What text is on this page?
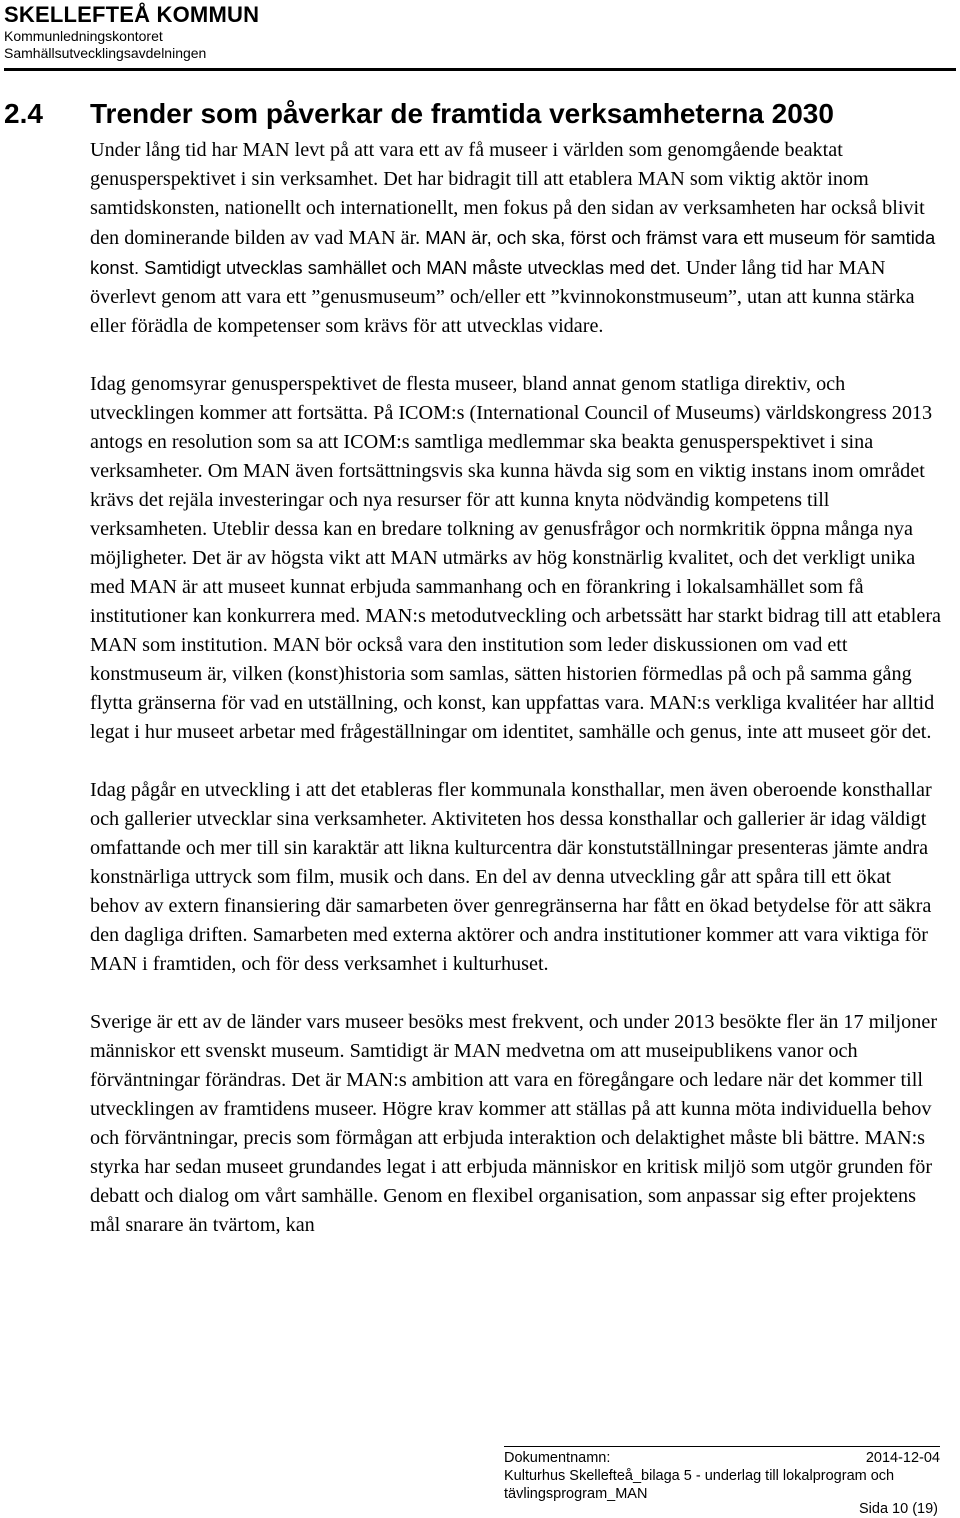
SKELLEFTEÅ KOMMUN
Kommunledningskontoret
Samhällsutvecklingsavdelningen
2.4 Trender som påverkar de framtida verksamheterna 2030

Under lång tid har MAN levt på att vara ett av få museer i världen som genomgående beaktat genusperspektivet i sin verksamhet. Det har bidragit till att etablera MAN som viktig aktör inom samtidskonsten, nationellt och internationellt, men fokus på den sidan av verksamheten har också blivit den dominerande bilden av vad MAN är. MAN är, och ska, först och främst vara ett museum för samtida konst. Samtidigt utvecklas samhället och MAN måste utvecklas med det. Under lång tid har MAN överlevt genom att vara ett ”genusmuseum” och/eller ett ”kvinnokonstmuseum”, utan att kunna stärka eller förädla de kompetenser som krävs för att utvecklas vidare.

Idag genomsyrar genusperspektivet de flesta museer, bland annat genom statliga direktiv, och utvecklingen kommer att fortsätta. På ICOM:s (International Council of Museums) världskongress 2013 antogs en resolution som sa att ICOM:s samtliga medlemmar ska beakta genusperspektivet i sina verksamheter. Om MAN även fortsättningsvis ska kunna hävda sig som en viktig instans inom området krävs det rejäla investeringar och nya resurser för att kunna knyta nödvändig kompetens till verksamheten. Uteblir dessa kan en bredare tolkning av genusfrågor och normkritik öppna många nya möjligheter. Det är av högsta vikt att MAN utmärks av hög konstnärlig kvalitet, och det verkligt unika med MAN är att museet kunnat erbjuda sammanhang och en förankring i lokalsamhället som få institutioner kan konkurrera med. MAN:s metodutveckling och arbetssätt har starkt bidrag till att etablera MAN som institution. MAN bör också vara den institution som leder diskussionen om vad ett konstmuseum är, vilken (konst)historia som samlas, sätten historien förmedlas på och på samma gång flytta gränserna för vad en utställning, och konst, kan uppfattas vara. MAN:s verkliga kvalitéer har alltid legat i hur museet arbetar med frågeställningar om identitet, samhälle och genus, inte att museet gör det.

Idag pågår en utveckling i att det etableras fler kommunala konsthallar, men även oberoende konsthallar och gallerier utvecklar sina verksamheter. Aktiviteten hos dessa konsthallar och gallerier är idag väldigt omfattande och mer till sin karaktär att likna kulturcentra där konstutställningar presenteras jämte andra konstnärliga uttryck som film, musik och dans. En del av denna utveckling går att spåra till ett ökat behov av extern finansiering där samarbeten över genregränserna har fått en ökad betydelse för att säkra den dagliga driften. Samarbeten med externa aktörer och andra institutioner kommer att vara viktiga för MAN i framtiden, och för dess verksamhet i kulturhuset.

Sverige är ett av de länder vars museer besöks mest frekvent, och under 2013 besökte fler än 17 miljoner människor ett svenskt museum. Samtidigt är MAN medvetna om att museipublikens vanor och förväntningar förändras. Det är MAN:s ambition att vara en föregångare och ledare när det kommer till utvecklingen av framtidens museer. Högre krav kommer att ställas på att kunna möta individuella behov och förväntningar, precis som förmågan att erbjuda interaktion och delaktighet måste bli bättre. MAN:s styrka har sedan museet grundandes legat i att erbjuda människor en kritisk miljö som utgör grunden för debatt och dialog om vårt samhälle. Genom en flexibel organisation, som anpassar sig efter projektens mål snarare än tvärtom, kan

Dokumentnamn:	2014-12-04
Kulturhus Skellefteå_bilaga 5 - underlag till lokalprogram och
tävlingsprogram_MAN
Sida 10 (19)
